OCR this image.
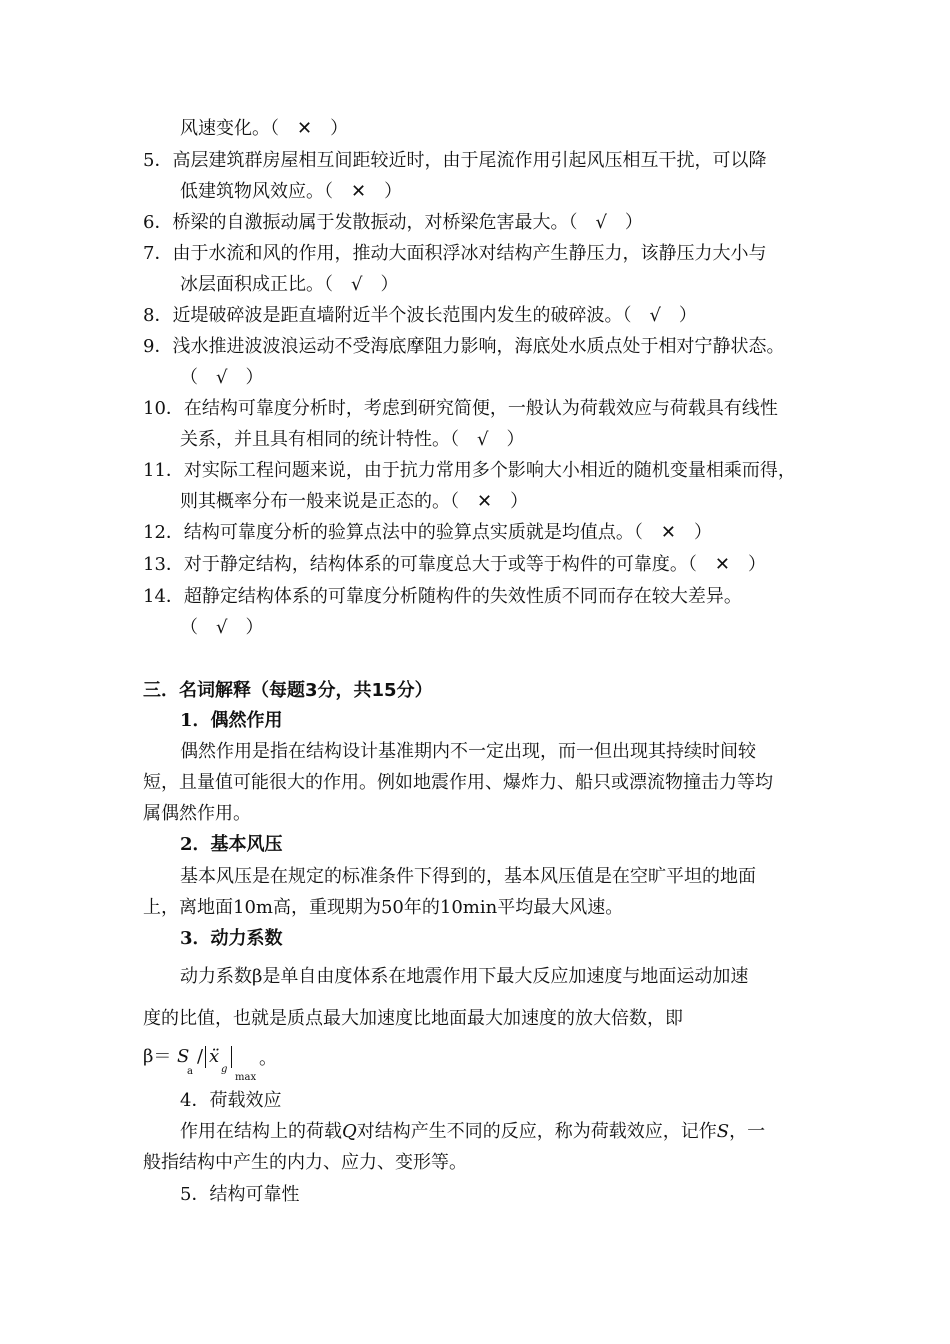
风速变化。（　✕　）
5．高层建筑群房屋相互间距较近时，由于尾流作用引起风压相互干扰，可以降
低建筑物风效应。（　✕　）
6．桥梁的自激振动属于发散振动，对桥梁危害最大。（　√　）
7．由于水流和风的作用，推动大面积浮冰对结构产生静压力，该静压力大小与
冰层面积成正比。（　√　）
8．近堤破碎波是距直墙附近半个波长范围内发生的破碎波。（　√　）
9．浅水推进波波浪运动不受海底摩阻力影响，海底处水质点处于相对宁静状态。
（　√　）
10．在结构可靠度分析时，考虑到研究简便，一般认为荷载效应与荷载具有线性
关系，并且具有相同的统计特性。（　√　）
11．对实际工程问题来说，由于抗力常用多个影响大小相近的随机变量相乘而得，
则其概率分布一般来说是正态的。（　✕　）
12．结构可靠度分析的验算点法中的验算点实质就是均值点。（　✕　）
13．对于静定结构，结构体系的可靠度总大于或等于构件的可靠度。（　✕　）
14．超静定结构体系的可靠度分析随构件的失效性质不同而存在较大差异。
（　√　）
三．名词解释（每题3分，共15分）
1．偶然作用
偶然作用是指在结构设计基准期内不一定出现，而一但出现其持续时间较
短，且量值可能很大的作用。例如地震作用、爆炸力、船只或漂流物撞击力等均
属偶然作用。
2．基本风压
基本风压是在规定的标准条件下得到的，基本风压值是在空旷平坦的地面
上，离地面10m高，重现期为50年的10min平均最大风速。
3．动力系数
动力系数β是单自由度体系在地震作用下最大反应加速度与地面运动加速
度的比值，也就是质点最大加速度比地面最大加速度的放大倍数，即
β＝ S
a
/ ẍ
g
max
。
4．荷载效应
作用在结构上的荷载Q对结构产生不同的反应，称为荷载效应，记作S，一
般指结构中产生的内力、应力、变形等。
5．结构可靠性
